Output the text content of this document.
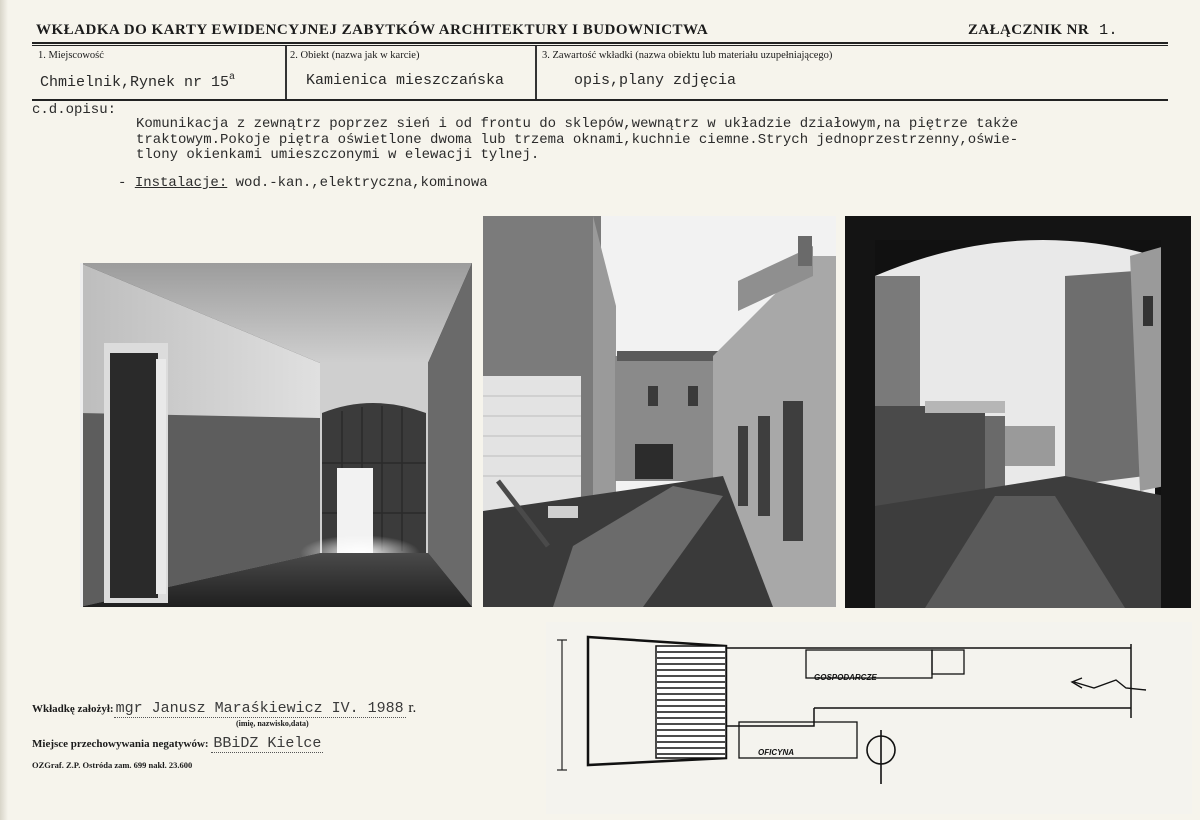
WKŁADKA DO KARTY EWIDENCYJNEJ ZABYTKÓW ARCHITEKTURY I BUDOWNICTWA	ZAŁĄCZNIK NR 1.
1. Miejscowość
Chmielnik,Rynek nr 15$^a$
2. Obiekt (nazwa jak w karcie)
Kamienica mieszczańska
3. Zawartość wkładki (nazwa obiektu lub materiału uzupełniającego)
opis,plany zdjęcia
c.d.opisu:
Komunikacja z zewnątrz poprzez sień i od frontu do sklepów,wewnątrz w układzie działowym,na piętrze także
traktowym.Pokoje piętra oświetlone dwoma lub trzema oknami,kuchnie ciemne.Strych jednoprzestrzenny,oświe-
tlony okienkami umieszczonymi w elewacji tylnej.
- Instalacje: wod.-kan.,elektryczna,kominowa
Wkładkę założył: mgr Janusz Maraśkiewicz IV. 1988 r.
(imię, nazwisko,data)
Miejsce przechowywania negatywów: BBiDZ Kielce
OZGraf. Z.P. Ostróda zam. 699 nakł. 23.600
GOSPODARCZE
OFICYNA
